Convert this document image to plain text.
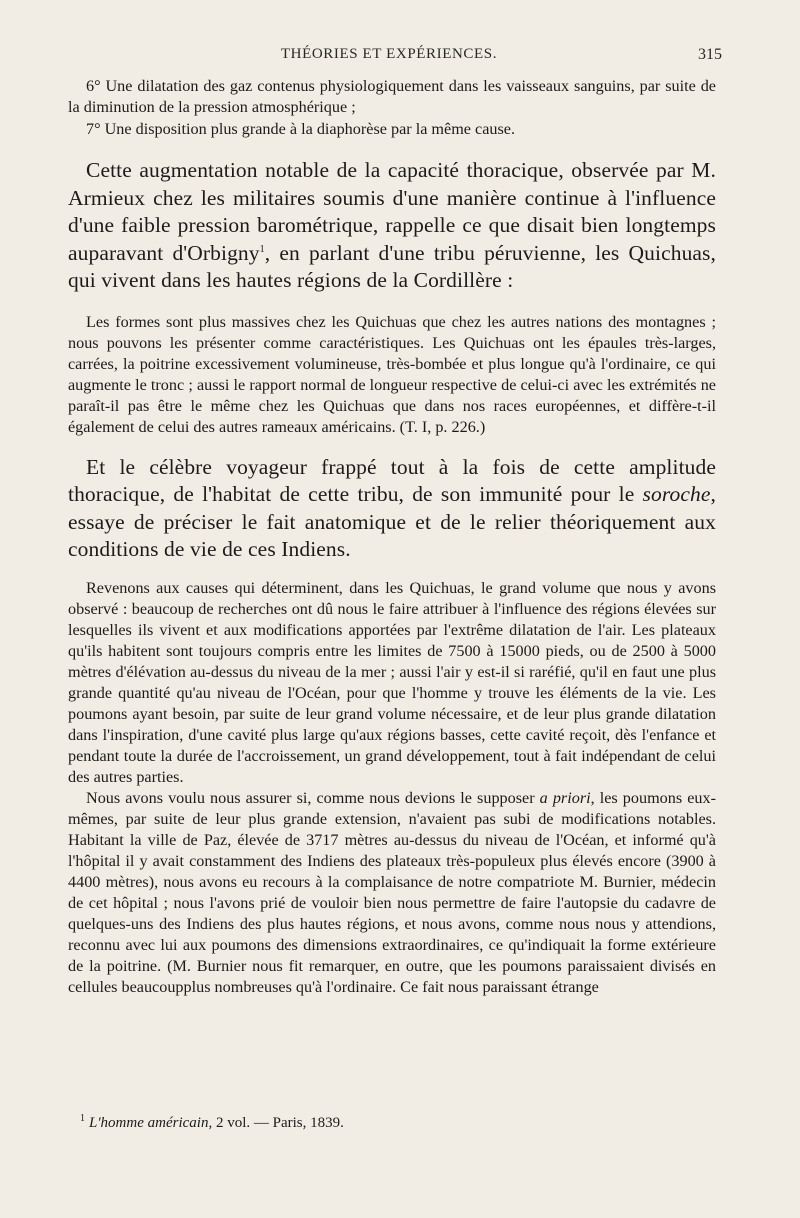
THÉORIES ET EXPÉRIENCES.	315

6° Une dilatation des gaz contenus physiologiquement dans les vaisseaux sanguins, par suite de la diminution de la pression atmosphérique ;

7° Une disposition plus grande à la diaphorèse par la même cause.

Cette augmentation notable de la capacité thoracique, observée par M. Armieux chez les militaires soumis d'une manière continue à l'influence d'une faible pression barométrique, rappelle ce que disait bien longtemps auparavant d'Orbigny$^1$, en parlant d'une tribu péruvienne, les Quichuas, qui vivent dans les hautes régions de la Cordillère :

Les formes sont plus massives chez les Quichuas que chez les autres nations des montagnes ; nous pouvons les présenter comme caractéristiques. Les Quichuas ont les épaules très-larges, carrées, la poitrine excessivement volumineuse, très-bombée et plus longue qu'à l'ordinaire, ce qui augmente le tronc ; aussi le rapport normal de longueur respective de celui-ci avec les extrémités ne paraît-il pas être le même chez les Quichuas que dans nos races européennes, et diffère-t-il également de celui des autres rameaux américains. (T. I, p. 226.)

Et le célèbre voyageur frappé tout à la fois de cette amplitude thoracique, de l'habitat de cette tribu, de son immunité pour le soroche, essaye de préciser le fait anatomique et de le relier théoriquement aux conditions de vie de ces Indiens.

Revenons aux causes qui déterminent, dans les Quichuas, le grand volume que nous y avons observé : beaucoup de recherches ont dû nous le faire attribuer à l'influence des régions élevées sur lesquelles ils vivent et aux modifications apportées par l'extrême dilatation de l'air. Les plateaux qu'ils habitent sont toujours compris entre les limites de 7500 à 15000 pieds, ou de 2500 à 5000 mètres d'élévation au-dessus du niveau de la mer ; aussi l'air y est-il si raréfié, qu'il en faut une plus grande quantité qu'au niveau de l'Océan, pour que l'homme y trouve les éléments de la vie. Les poumons ayant besoin, par suite de leur grand volume nécessaire, et de leur plus grande dilatation dans l'inspiration, d'une cavité plus large qu'aux régions basses, cette cavité reçoit, dès l'enfance et pendant toute la durée de l'accroissement, un grand développement, tout à fait indépendant de celui des autres parties.

Nous avons voulu nous assurer si, comme nous devions le supposer a priori, les poumons eux-mêmes, par suite de leur plus grande extension, n'avaient pas subi de modifications notables. Habitant la ville de Paz, élevée de 3717 mètres au-dessus du niveau de l'Océan, et informé qu'à l'hôpital il y avait constamment des Indiens des plateaux très-populeux plus élevés encore (3900 à 4400 mètres), nous avons eu recours à la complaisance de notre compatriote M. Burnier, médecin de cet hôpital ; nous l'avons prié de vouloir bien nous permettre de faire l'autopsie du cadavre de quelques-uns des Indiens des plus hautes régions, et nous avons, comme nous nous y attendions, reconnu avec lui aux poumons des dimensions extraordinaires, ce qu'indiquait la forme extérieure de la poitrine. (M. Burnier nous fit remarquer, en outre, que les poumons paraissaient divisés en cellules beaucoupplus nombreuses qu'à l'ordinaire. Ce fait nous paraissant étrange

$^1$ L'homme américain, 2 vol. — Paris, 1839.
